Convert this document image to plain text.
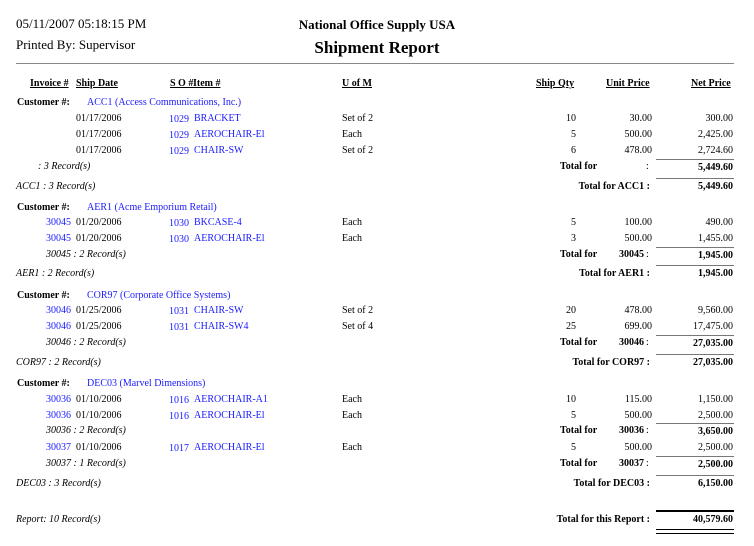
05/11/2007 05:18:15 PM
Printed By: Supervisor
National Office Supply USA
Shipment Report
Invoice # Ship Date	S O # Item #	U of M	Ship Qty	Unit Price	Net Price
Customer #: ACC1 (Access Communications, Inc.)
01/17/2006	1029 BRACKET	Set of 2	10	30.00	300.00
01/17/2006	1029 AEROCHAIR-El	Each	5	500.00	2,425.00
01/17/2006	1029 CHAIR-SW	Set of 2	6	478.00	2,724.60
: 3 Record(s)	Total for	:	5,449.60
ACC1 : 3 Record(s)	Total for ACC1 :	5,449.60
Customer #: AER1 (Acme Emporium Retail)
30045 01/20/2006	1030 BKCASE-4	Each	5	100.00	490.00
30045 01/20/2006	1030 AEROCHAIR-El	Each	3	500.00	1,455.00
30045 : 2 Record(s)	Total for	30045 :	1,945.00
AER1 : 2 Record(s)	Total for AER1 :	1,945.00
Customer #: COR97 (Corporate Office Systems)
30046 01/25/2006	1031 CHAIR-SW	Set of 2	20	478.00	9,560.00
30046 01/25/2006	1031 CHAIR-SW4	Set of 4	25	699.00	17,475.00
30046 : 2 Record(s)	Total for	30046 :	27,035.00
COR97 : 2 Record(s)	Total for COR97 :	27,035.00
Customer #: DEC03 (Marvel Dimensions)
30036 01/10/2006	1016 AEROCHAIR-A1	Each	10	115.00	1,150.00
30036 01/10/2006	1016 AEROCHAIR-El	Each	5	500.00	2,500.00
30036 : 2 Record(s)	Total for	30036 :	3,650.00
30037 01/10/2006	1017 AEROCHAIR-El	Each	5	500.00	2,500.00
30037 : 1 Record(s)	Total for	30037 :	2,500.00
DEC03 : 3 Record(s)	Total for DEC03 :	6,150.00
Report: 10 Record(s)	Total for this Report :	40,579.60
